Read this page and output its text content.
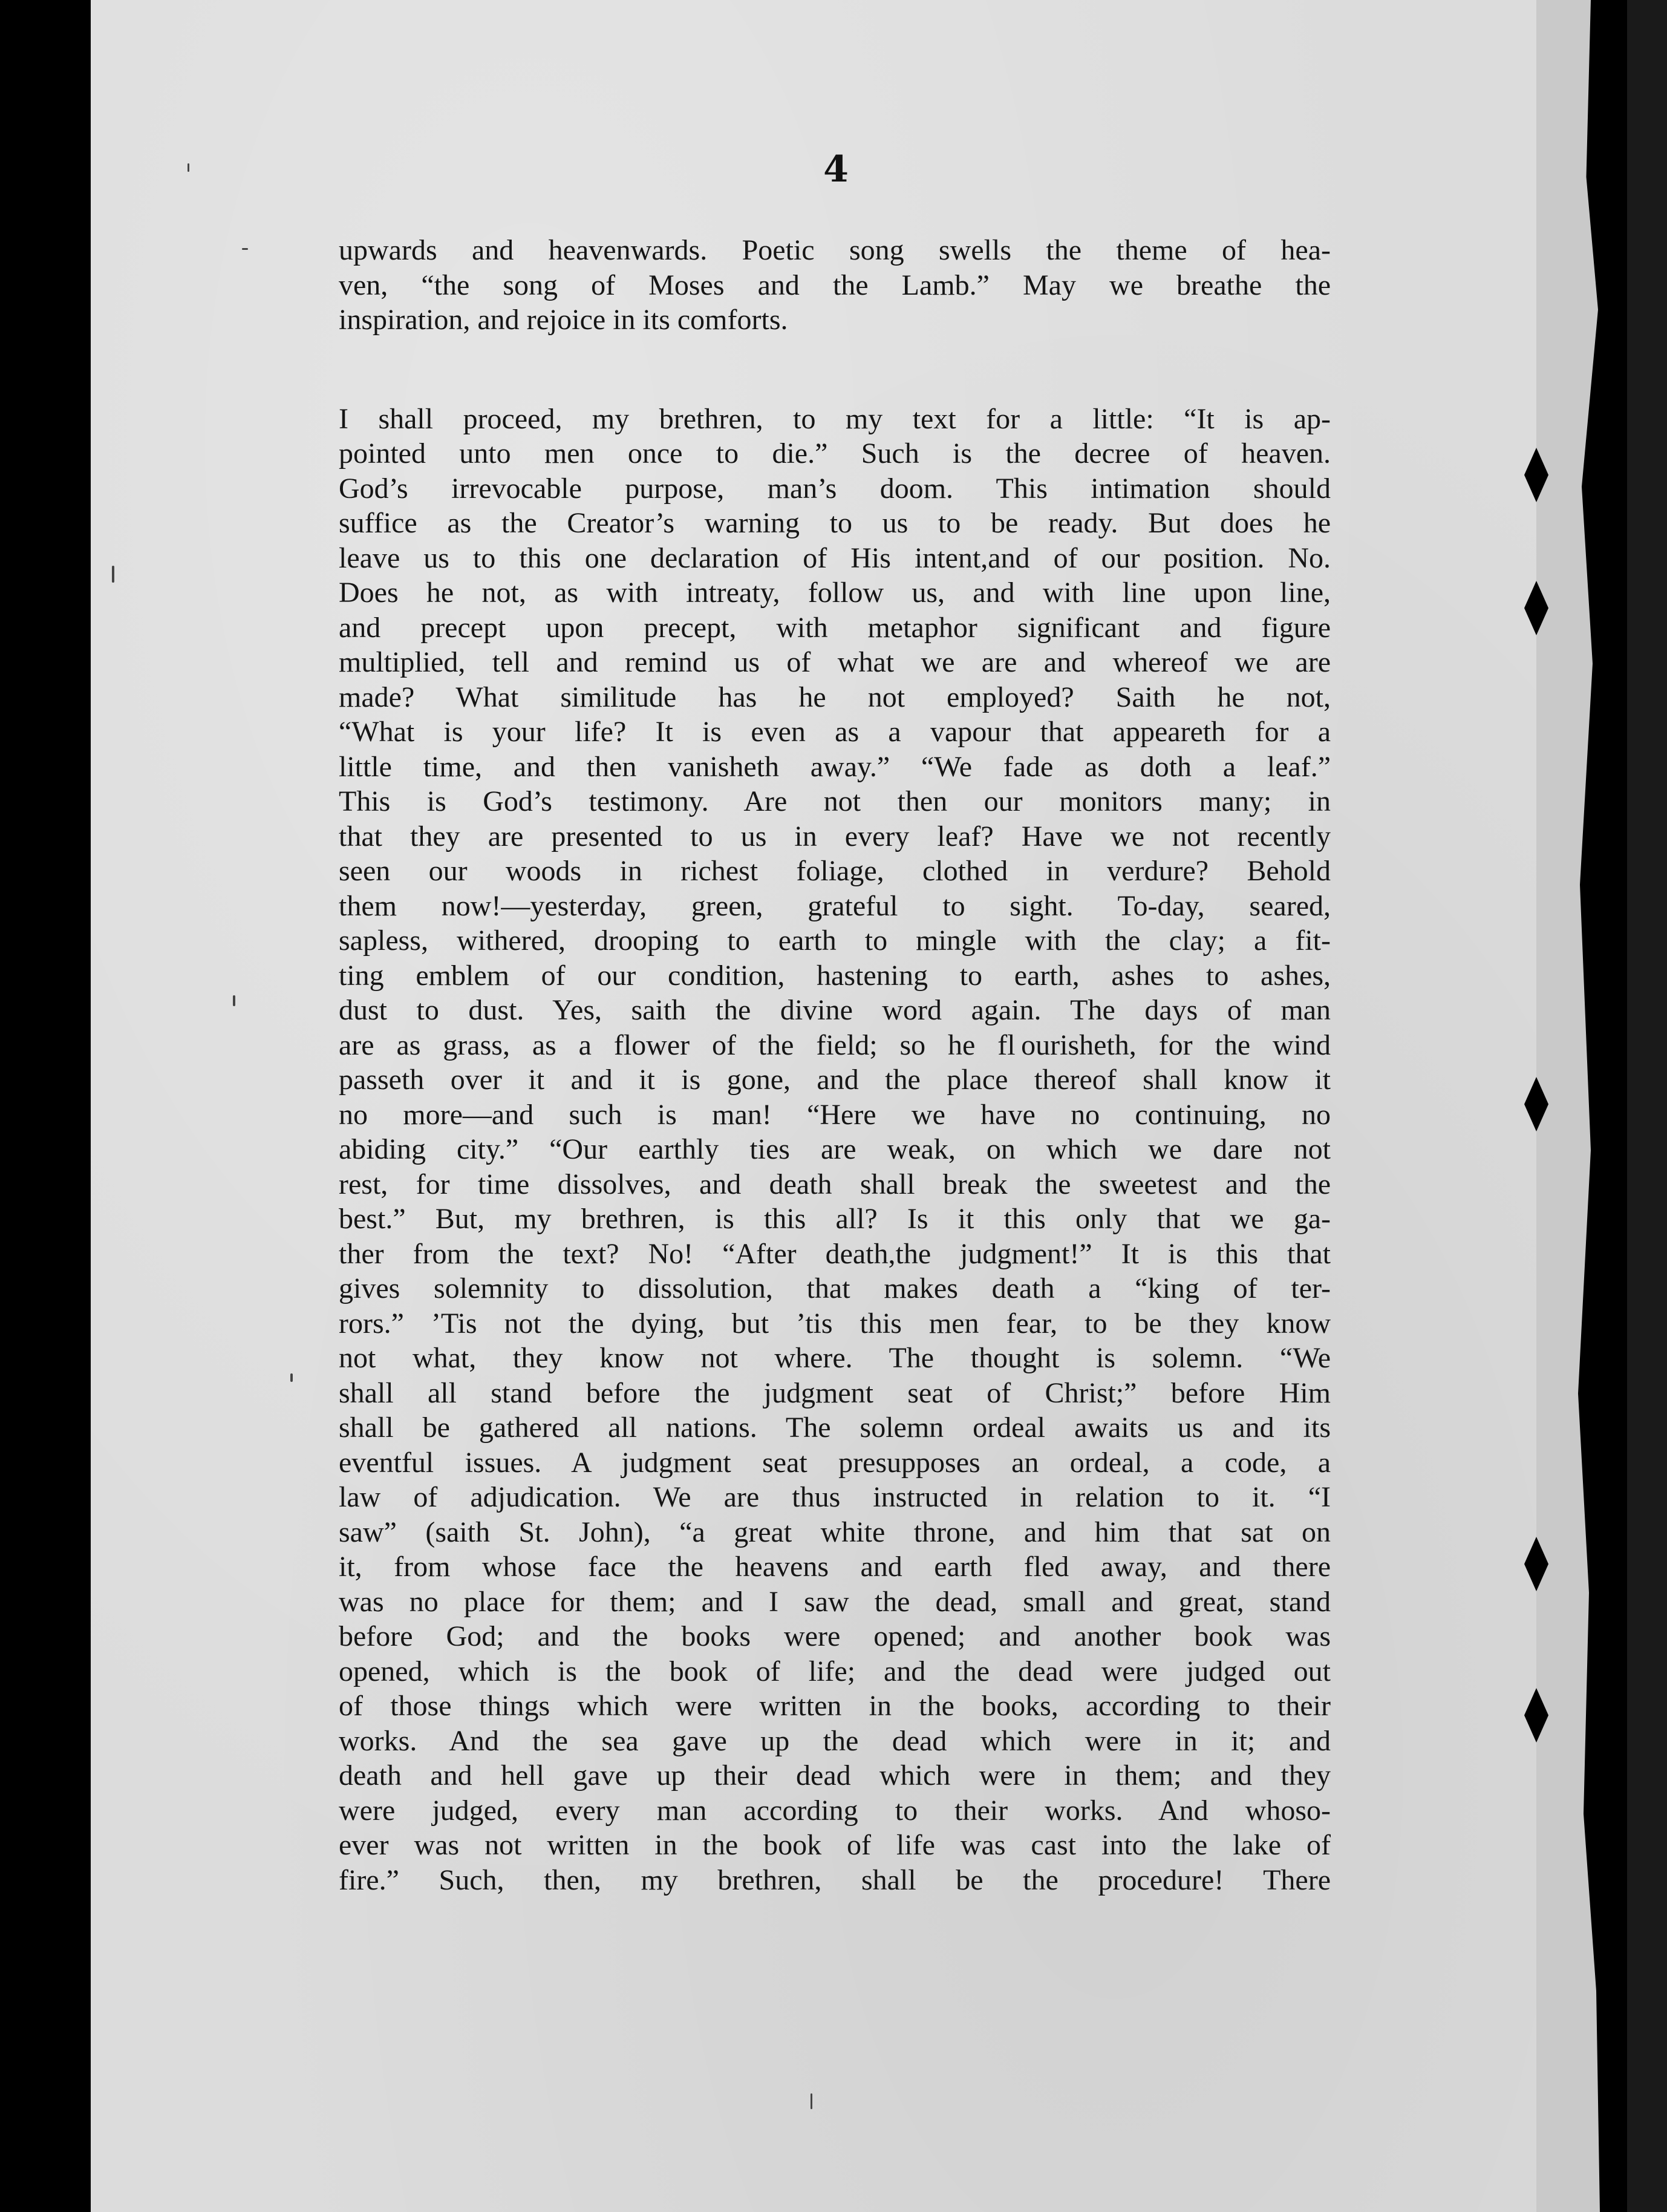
4
upwards and heavenwards. Poetic song swells the theme of hea-
ven, “the song of Moses and the Lamb.” May we breathe the
inspiration, and rejoice in its comforts.
I shall proceed, my brethren, to my text for a little: “It is ap-
pointed unto men once to die.” Such is the decree of heaven.
God’s irrevocable purpose, man’s doom. This intimation should
suffice as the Creator’s warning to us to be ready. But does he
leave us to this one declaration of His intent,and of our position. No.
Does he not, as with intreaty, follow us, and with line upon line,
and precept upon precept, with metaphor significant and figure
multiplied, tell and remind us of what we are and whereof we are
made? What similitude has he not employed? Saith he not,
“What is your life? It is even as a vapour that appeareth for a
little time, and then vanisheth away.” “We fade as doth a leaf.”
This is God’s testimony. Are not then our monitors many; in
that they are presented to us in every leaf? Have we not recently
seen our woods in richest foliage, clothed in verdure? Behold
them now!—yesterday, green, grateful to sight. To-day, seared,
sapless, withered, drooping to earth to mingle with the clay; a fit-
ting emblem of our condition, hastening to earth, ashes to ashes,
dust to dust. Yes, saith the divine word again. The days of man
are as grass, as a flower of the field; so he fl ourisheth, for the wind
passeth over it and it is gone, and the place thereof shall know it
no more—and such is man! “Here we have no continuing, no
abiding city.” “Our earthly ties are weak, on which we dare not
rest, for time dissolves, and death shall break the sweetest and the
best.” But, my brethren, is this all? Is it this only that we ga-
ther from the text? No! “After death,the judgment!” It is this that
gives solemnity to dissolution, that makes death a “king of ter-
rors.” ’Tis not the dying, but ’tis this men fear, to be they know
not what, they know not where. The thought is solemn. “We
shall all stand before the judgment seat of Christ;” before Him
shall be gathered all nations. The solemn ordeal awaits us and its
eventful issues. A judgment seat presupposes an ordeal, a code, a
law of adjudication. We are thus instructed in relation to it. “I
saw” (saith St. John), “a great white throne, and him that sat on
it, from whose face the heavens and earth fled away, and there
was no place for them; and I saw the dead, small and great, stand
before God; and the books were opened; and another book was
opened, which is the book of life; and the dead were judged out
of those things which were written in the books, according to their
works. And the sea gave up the dead which were in it; and
death and hell gave up their dead which were in them; and they
were judged, every man according to their works. And whoso-
ever was not written in the book of life was cast into the lake of
fire.” Such, then, my brethren, shall be the procedure! There
